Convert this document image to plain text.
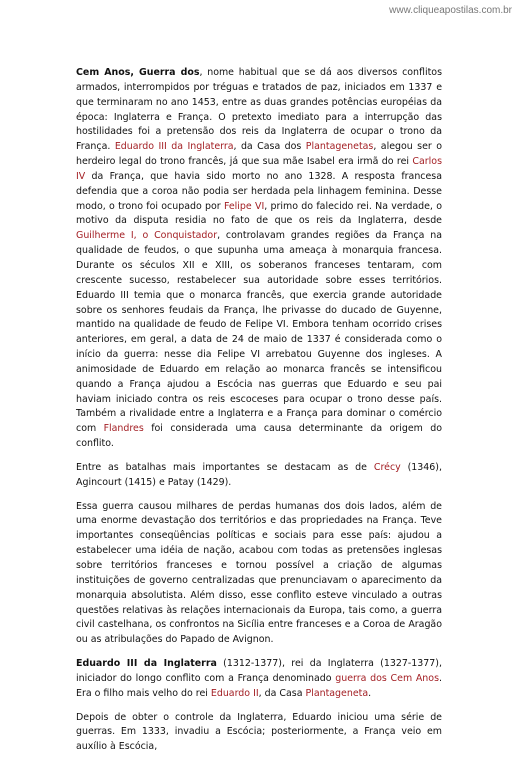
www.cliqueapostilas.com.br

Cem Anos, Guerra dos, nome habitual que se dá aos diversos conflitos armados, interrompidos por tréguas e tratados de paz, iniciados em 1337 e que terminaram no ano 1453, entre as duas grandes potências européias da época: Inglaterra e França. O pretexto imediato para a interrupção das hostilidades foi a pretensão dos reis da Inglaterra de ocupar o trono da França. Eduardo III da Inglaterra, da Casa dos Plantagenetas, alegou ser o herdeiro legal do trono francês, já que sua mãe Isabel era irmã do rei Carlos IV da França, que havia sido morto no ano 1328. A resposta francesa defendia que a coroa não podia ser herdada pela linhagem feminina. Desse modo, o trono foi ocupado por Felipe VI, primo do falecido rei. Na verdade, o motivo da disputa residia no fato de que os reis da Inglaterra, desde Guilherme I, o Conquistador, controlavam grandes regiões da França na qualidade de feudos, o que supunha uma ameaça à monarquia francesa. Durante os séculos XII e XIII, os soberanos franceses tentaram, com crescente sucesso, restabelecer sua autoridade sobre esses territórios. Eduardo III temia que o monarca francês, que exercia grande autoridade sobre os senhores feudais da França, lhe privasse do ducado de Guyenne, mantido na qualidade de feudo de Felipe VI. Embora tenham ocorrido crises anteriores, em geral, a data de 24 de maio de 1337 é considerada como o início da guerra: nesse dia Felipe VI arrebatou Guyenne dos ingleses. A animosidade de Eduardo em relação ao monarca francês se intensificou quando a França ajudou a Escócia nas guerras que Eduardo e seu pai haviam iniciado contra os reis escoceses para ocupar o trono desse país. Também a rivalidade entre a Inglaterra e a França para dominar o comércio com Flandres foi considerada uma causa determinante da origem do conflito.

Entre as batalhas mais importantes se destacam as de Crécy (1346), Agincourt (1415) e Patay (1429).

Essa guerra causou milhares de perdas humanas dos dois lados, além de uma enorme devastação dos territórios e das propriedades na França. Teve importantes conseqüências políticas e sociais para esse país: ajudou a estabelecer uma idéia de nação, acabou com todas as pretensões inglesas sobre territórios franceses e tornou possível a criação de algumas instituições de governo centralizadas que prenunciavam o aparecimento da monarquia absolutista. Além disso, esse conflito esteve vinculado a outras questões relativas às relações internacionais da Europa, tais como, a guerra civil castelhana, os confrontos na Sicília entre franceses e a Coroa de Aragão ou as atribulações do Papado de Avignon.

Eduardo III da Inglaterra (1312-1377), rei da Inglaterra (1327-1377), iniciador do longo conflito com a França denominado guerra dos Cem Anos. Era o filho mais velho do rei Eduardo II, da Casa Plantageneta.

Depois de obter o controle da Inglaterra, Eduardo iniciou uma série de guerras. Em 1333, invadiu a Escócia; posteriormente, a França veio em auxílio à Escócia,
